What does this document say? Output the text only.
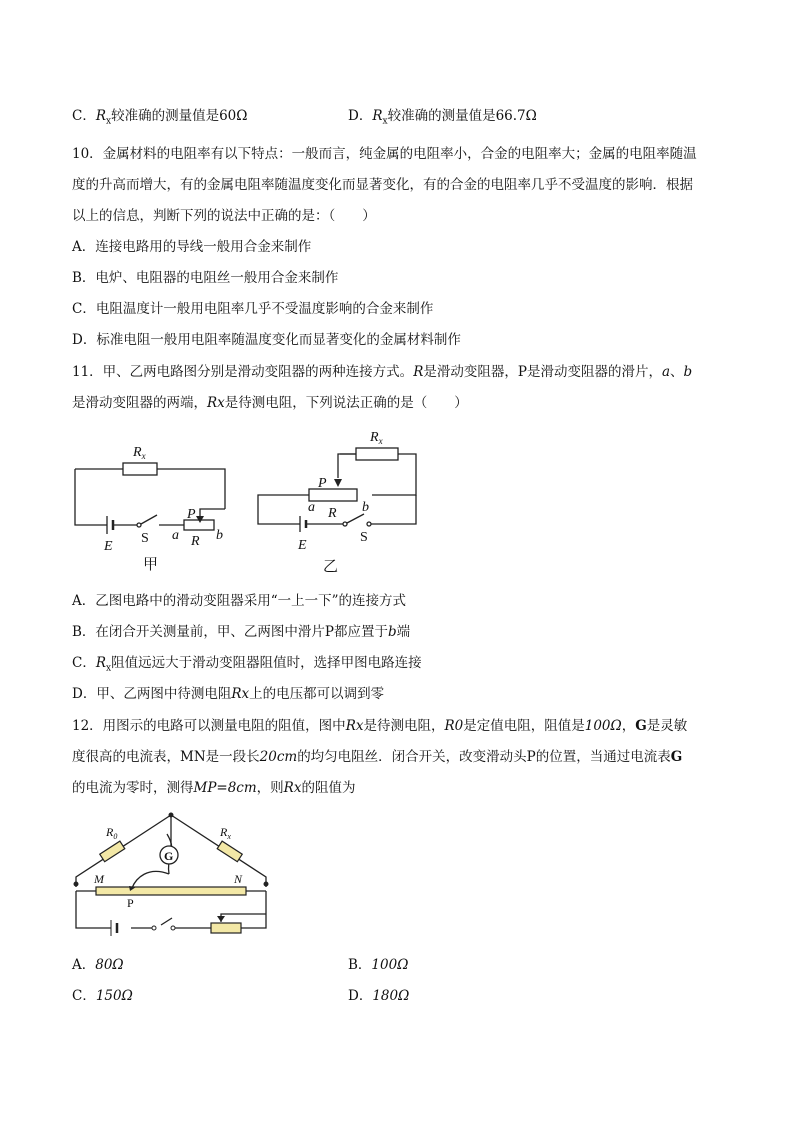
C．$R_x$较准确的测量值是60Ω	D．$R_x$较准确的测量值是66.7Ω
10．金属材料的电阻率有以下特点：一般而言，纯金属的电阻率小，合金的电阻率大；金属的电阻率随温
度的升高而增大，有的金属电阻率随温度变化而显著变化，有的合金的电阻率几乎不受温度的影响．根据
以上的信息，判断下列的说法中正确的是：（　　）
A．连接电路用的导线一般用合金来制作
B．电炉、电阻器的电阻丝一般用合金来制作
C．电阻温度计一般用电阻率几乎不受温度影响的合金来制作
D．标准电阻一般用电阻率随温度变化而显著变化的金属材料制作
11．甲、乙两电路图分别是滑动变阻器的两种连接方式。R是滑动变阻器，P是滑动变阻器的滑片，a、b
是滑动变阻器的两端，Rx是待测电阻，下列说法正确的是（　　）
$R_x$
P
E
S a R b
甲
$R_x$
P
a R b
E
S
乙
A．乙图电路中的滑动变阻器采用“一上一下”的连接方式
B．在闭合开关测量前，甲、乙两图中滑片P都应置于b端
C．$R_x$阻值远远大于滑动变阻器阻值时，选择甲图电路连接
D．甲、乙两图中待测电阻Rx上的电压都可以调到零
12．用图示的电路可以测量电阻的阻值，图中Rx是待测电阻，R0是定值电阻，阻值是100Ω，G是灵敏
度很高的电流表，MN是一段长20cm的均匀电阻丝．闭合开关，改变滑动头P的位置，当通过电流表G
的电流为零时，测得MP=8cm，则Rx的阻值为
$R_0$	$R_x$
G
M	N
P
A．80Ω	B．100Ω
C．150Ω	D．180Ω
